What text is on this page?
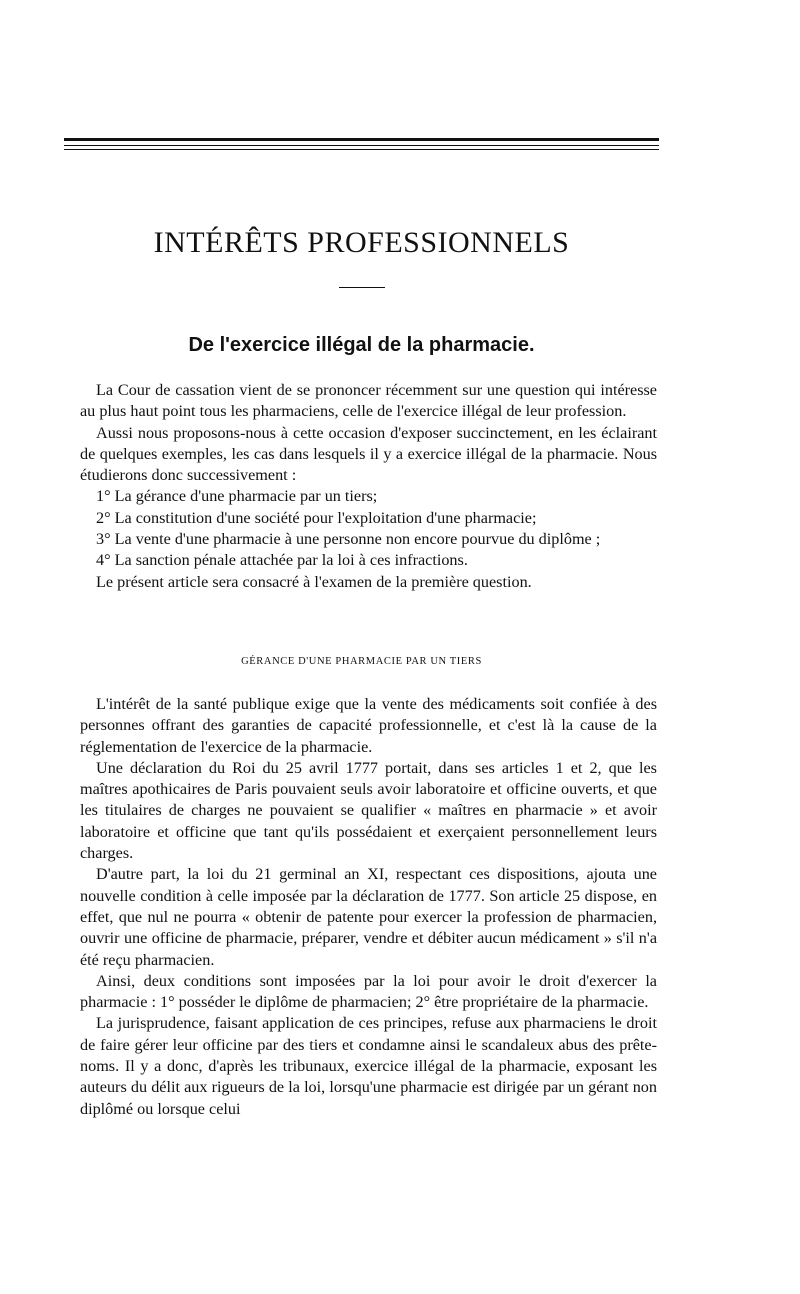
INTÉRÊTS PROFESSIONNELS
De l'exercice illégal de la pharmacie.

La Cour de cassation vient de se prononcer récemment sur une question qui intéresse au plus haut point tous les pharmaciens, celle de l'exercice illégal de leur profession.

Aussi nous proposons-nous à cette occasion d'exposer succinctement, en les éclairant de quelques exemples, les cas dans lesquels il y a exercice illégal de la pharmacie. Nous étudierons donc successivement :

1° La gérance d'une pharmacie par un tiers;

2° La constitution d'une société pour l'exploitation d'une pharmacie;

3° La vente d'une pharmacie à une personne non encore pourvue du diplôme ;

4° La sanction pénale attachée par la loi à ces infractions.

Le présent article sera consacré à l'examen de la première question.

GÉRANCE D'UNE PHARMACIE PAR UN TIERS

L'intérêt de la santé publique exige que la vente des médicaments soit confiée à des personnes offrant des garanties de capacité professionnelle, et c'est là la cause de la réglementation de l'exercice de la pharmacie.

Une déclaration du Roi du 25 avril 1777 portait, dans ses articles 1 et 2, que les maîtres apothicaires de Paris pouvaient seuls avoir laboratoire et officine ouverts, et que les titulaires de charges ne pouvaient se qualifier « maîtres en pharmacie » et avoir laboratoire et officine que tant qu'ils possédaient et exerçaient personnellement leurs charges.

D'autre part, la loi du 21 germinal an XI, respectant ces dispositions, ajouta une nouvelle condition à celle imposée par la déclaration de 1777. Son article 25 dispose, en effet, que nul ne pourra « obtenir de patente pour exercer la profession de pharmacien, ouvrir une officine de pharmacie, préparer, vendre et débiter aucun médicament » s'il n'a été reçu pharmacien.

Ainsi, deux conditions sont imposées par la loi pour avoir le droit d'exercer la pharmacie : 1° posséder le diplôme de pharmacien; 2° être propriétaire de la pharmacie.

La jurisprudence, faisant application de ces principes, refuse aux pharmaciens le droit de faire gérer leur officine par des tiers et condamne ainsi le scandaleux abus des prête-noms. Il y a donc, d'après les tribunaux, exercice illégal de la pharmacie, exposant les auteurs du délit aux rigueurs de la loi, lorsqu'une pharmacie est dirigée par un gérant non diplômé ou lorsque celui
